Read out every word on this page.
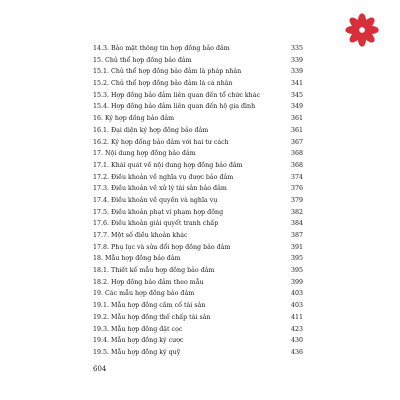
14.3. Bảo mật thông tin hợp đồng bảo đảm	335
15. Chủ thể hợp đồng bảo đảm	339
15.1. Chủ thể hợp đồng bảo đảm là pháp nhân	339
15.2. Chủ thể hợp đồng bảo đảm là cá nhân	341
15.3. Hợp đồng bảo đảm liên quan đến tổ chức khác	345
15.4. Hợp đồng bảo đảm liên quan đến hộ gia đình	349
16. Ký hợp đồng bảo đảm	361
16.1. Đại diện ký hợp đồng bảo đảm	361
16.2. Ký hợp đồng bảo đảm với hai tư cách	367
17. Nội dung hợp đồng bảo đảm	368
17.1. Khái quát về nội dung hợp đồng bảo đảm	368
17.2. Điều khoản về nghĩa vụ được bảo đảm	374
17.3. Điều khoản về xử lý tài sản bảo đảm	376
17.4. Điều khoản về quyền và nghĩa vụ	379
17.5. Điều khoản phạt vi phạm hợp đồng	382
17.6. Điều khoản giải quyết tranh chấp	384
17.7. Một số điều khoản khác	387
17.8. Phụ lục và sửa đổi hợp đồng bảo đảm	391
18. Mẫu hợp đồng bảo đảm	395
18.1. Thiết kế mẫu hợp đồng bảo đảm	395
18.2. Hợp đồng bảo đảm theo mẫu	399
19. Các mẫu hợp đồng bảo đảm	403
19.1. Mẫu hợp đồng cầm cố tài sản	403
19.2. Mẫu hợp đồng thế chấp tài sản	411
19.3. Mẫu hợp đồng đặt cọc	423
19.4. Mẫu hợp đồng ký cược	430
19.5. Mẫu hợp đồng ký quỹ	436
604
